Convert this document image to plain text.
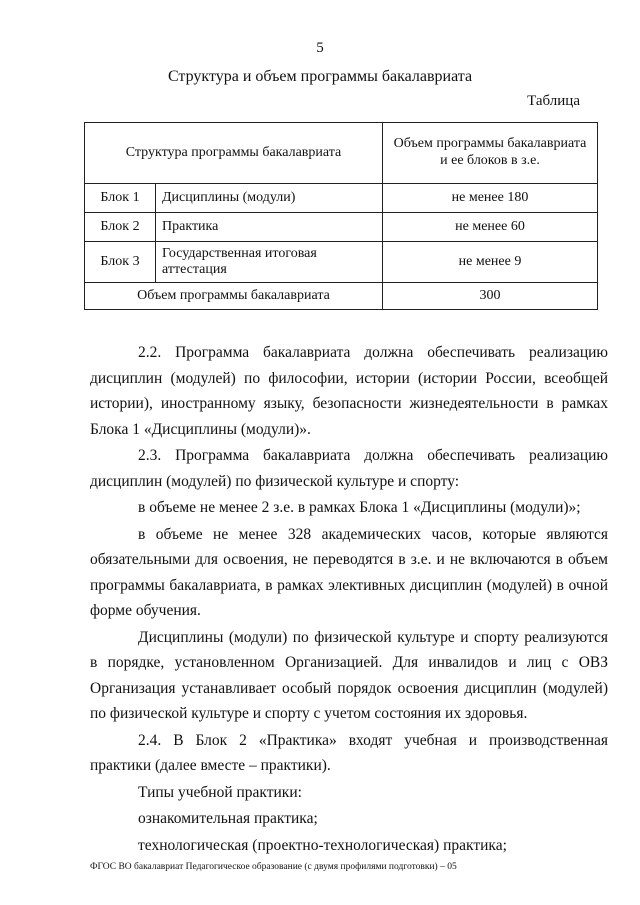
5
Структура и объем программы бакалавриата
Таблица
Структура программы бакалавриата		Объем программы бакалавриата и ее блоков в з.е.
Блок 1	Дисциплины (модули)	не менее 180
Блок 2	Практика	не менее 60
Блок 3	Государственная итоговая аттестация	не менее 9
Объем программы бакалавриата		300

2.2. Программа бакалавриата должна обеспечивать реализацию дисциплин (модулей) по философии, истории (истории России, всеобщей истории), иностранному языку, безопасности жизнедеятельности в рамках Блока 1 «Дисциплины (модули)».

2.3. Программа бакалавриата должна обеспечивать реализацию дисциплин (модулей) по физической культуре и спорту:

в объеме не менее 2 з.е. в рамках Блока 1 «Дисциплины (модули)»;

в объеме не менее 328 академических часов, которые являются обязательными для освоения, не переводятся в з.е. и не включаются в объем программы бакалавриата, в рамках элективных дисциплин (модулей) в очной форме обучения.

Дисциплины (модули) по физической культуре и спорту реализуются в порядке, установленном Организацией. Для инвалидов и лиц с ОВЗ Организация устанавливает особый порядок освоения дисциплин (модулей) по физической культуре и спорту с учетом состояния их здоровья.

2.4. В Блок 2 «Практика» входят учебная и производственная практики (далее вместе – практики).

Типы учебной практики:

ознакомительная практика;

технологическая (проектно-технологическая) практика;

ФГОС ВО бакалавриат Педагогическое образование (с двумя профилями подготовки) – 05
